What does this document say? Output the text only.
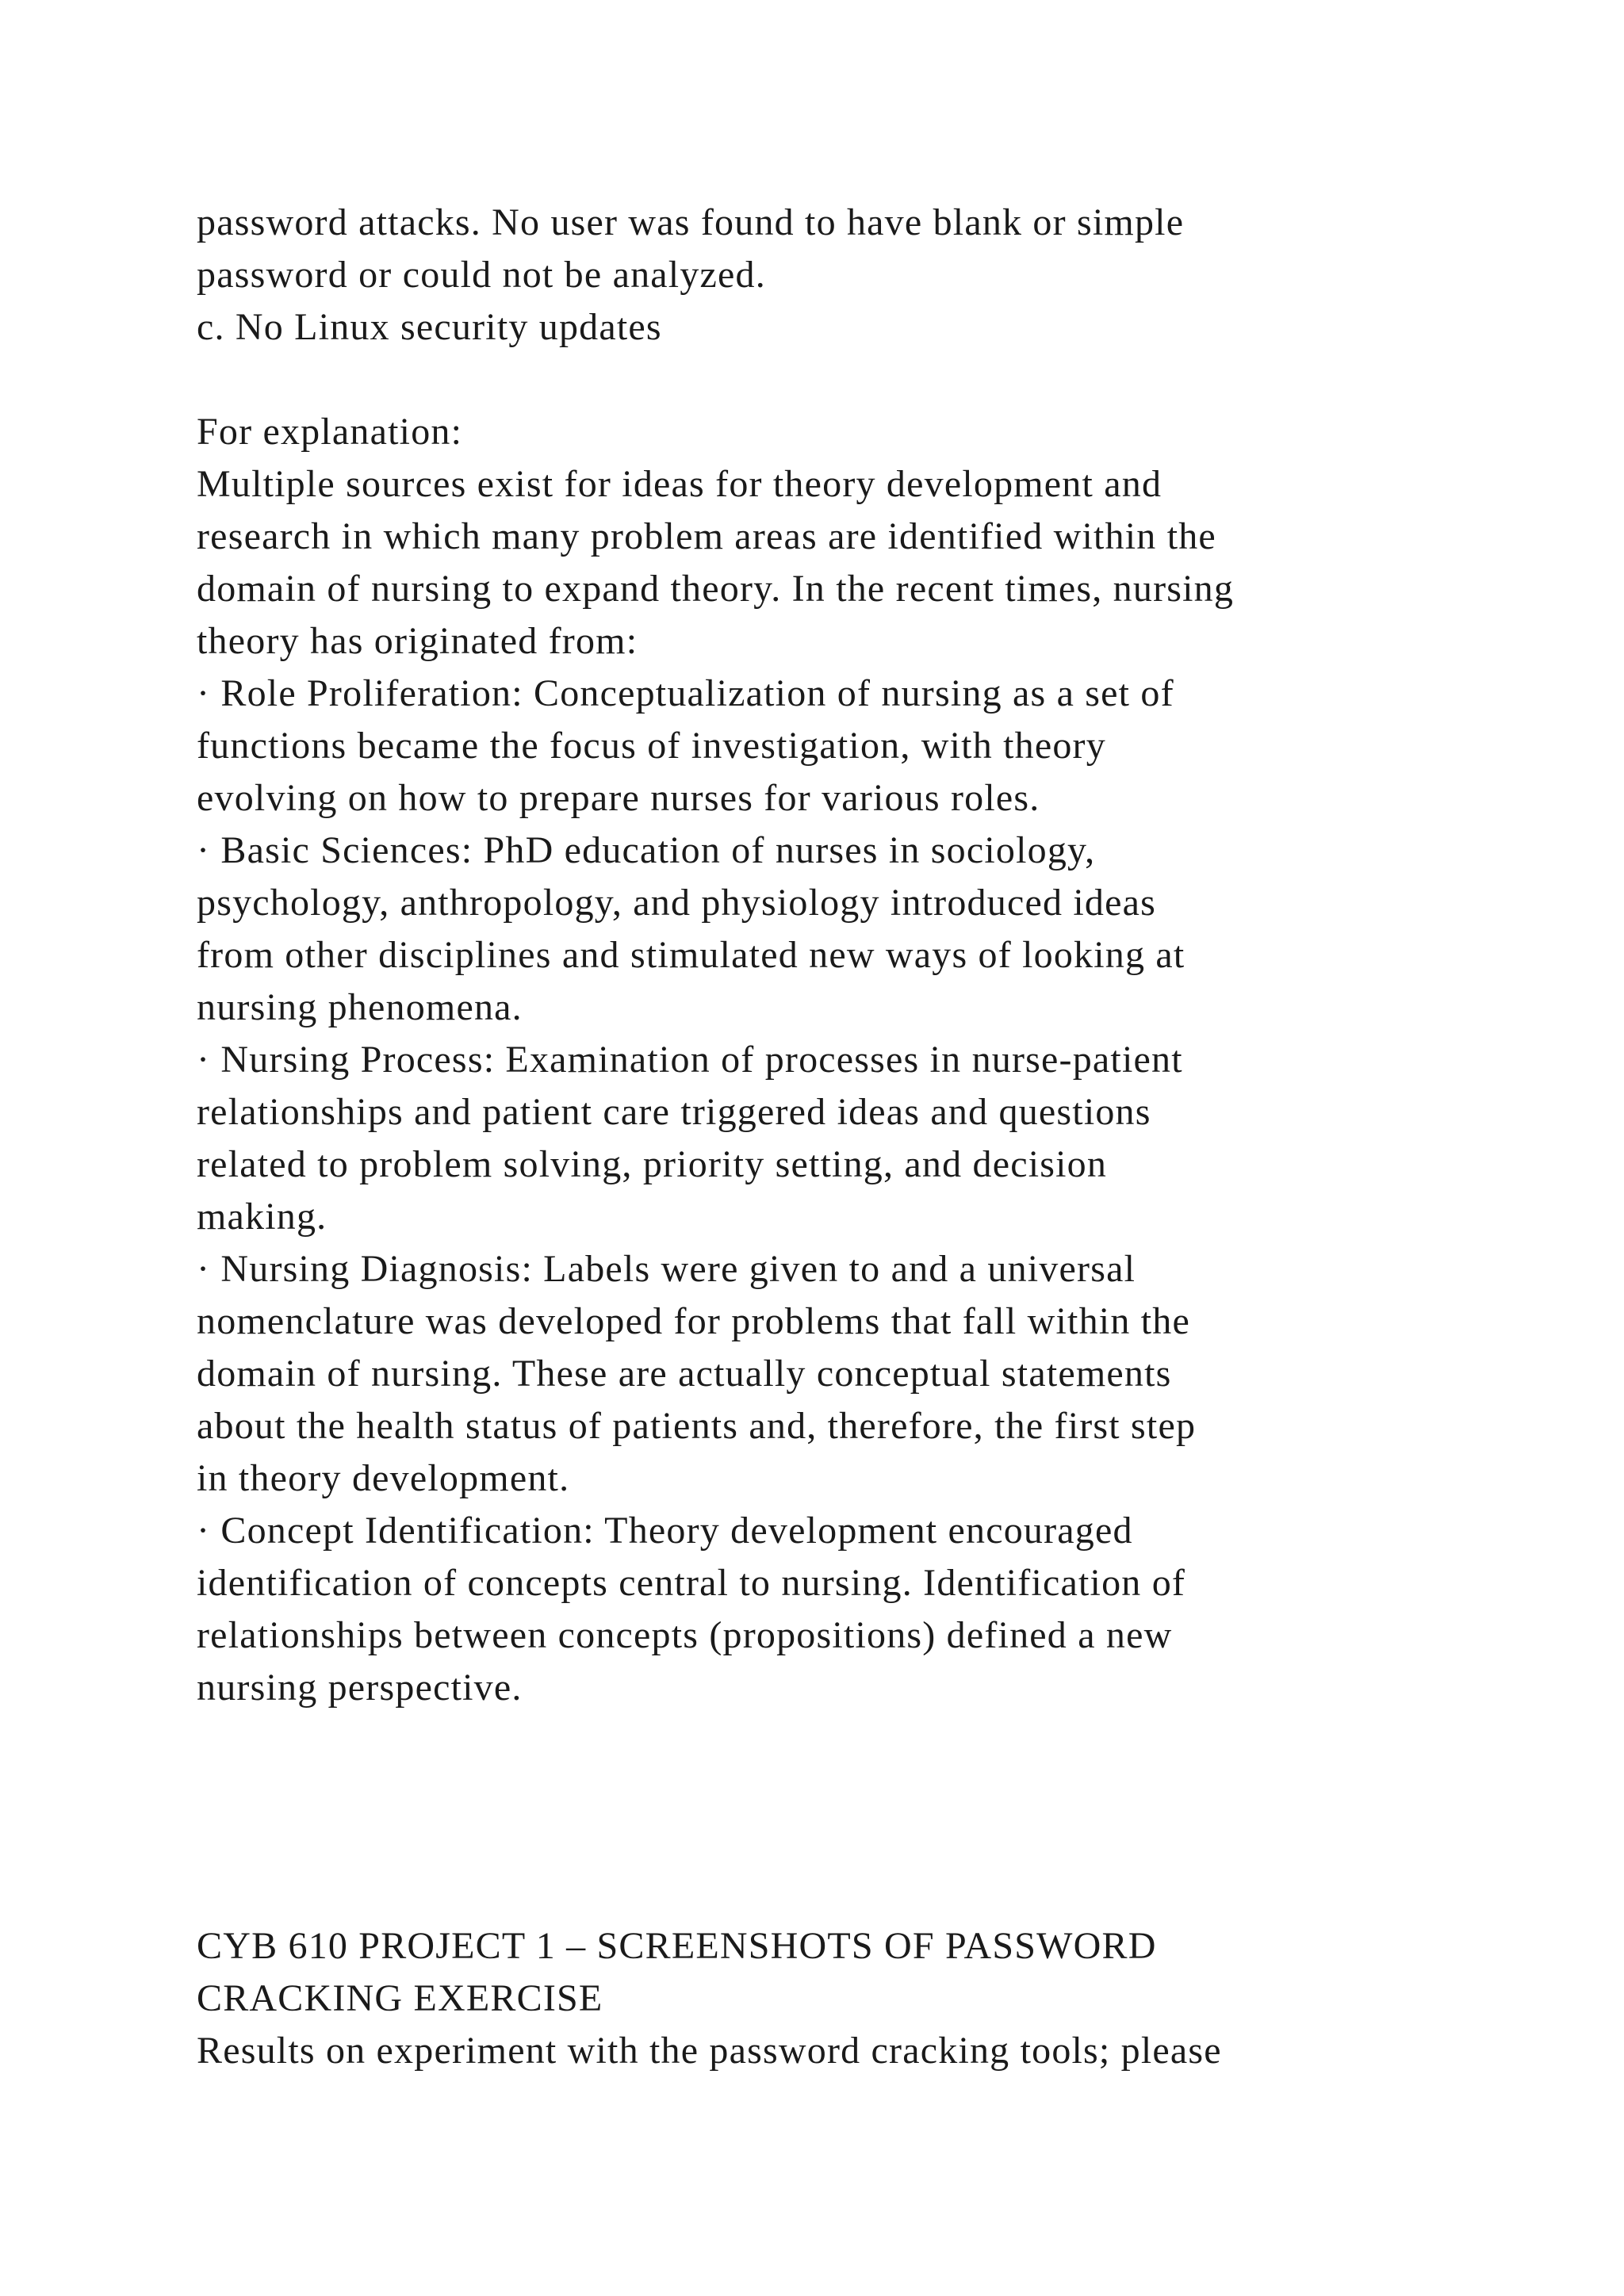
password attacks. No user was found to have blank or simple
password or could not be analyzed.
c. No Linux security updates
For explanation:
Multiple sources exist for ideas for theory development and
research in which many problem areas are identified within the
domain of nursing to expand theory. In the recent times, nursing
theory has originated from:
· Role Proliferation: Conceptualization of nursing as a set of
functions became the focus of investigation, with theory
evolving on how to prepare nurses for various roles.
· Basic Sciences: PhD education of nurses in sociology,
psychology, anthropology, and physiology introduced ideas
from other disciplines and stimulated new ways of looking at
nursing phenomena.
· Nursing Process: Examination of processes in nurse-patient
relationships and patient care triggered ideas and questions
related to problem solving, priority setting, and decision
making.
· Nursing Diagnosis: Labels were given to and a universal
nomenclature was developed for problems that fall within the
domain of nursing. These are actually conceptual statements
about the health status of patients and, therefore, the first step
in theory development.
· Concept Identification: Theory development encouraged
identification of concepts central to nursing. Identification of
relationships between concepts (propositions) defined a new
nursing perspective.
CYB 610 PROJECT 1 – SCREENSHOTS OF PASSWORD
CRACKING EXERCISE
Results on experiment with the password cracking tools; please
